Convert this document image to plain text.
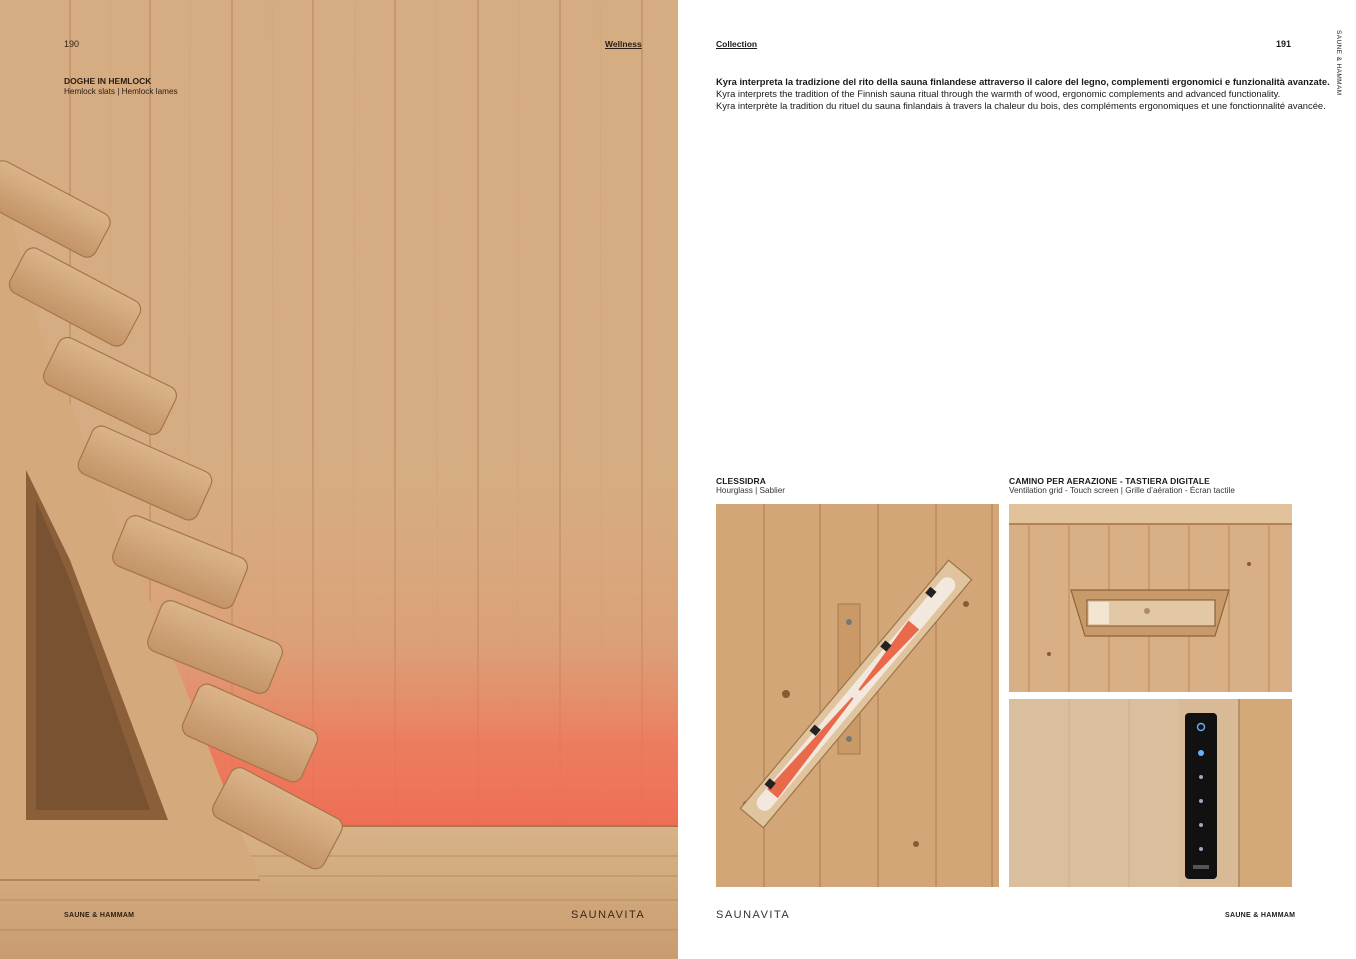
190	Wellness
DOGHE IN HEMLOCK
Hemlock slats | Hemlock lames
SAUNE & HAMMAM	SAUNAVITA
Collection	191

Kyra interpreta la tradizione del rito della sauna finlandese attraverso il calore del legno, complementi ergonomici e funzionalità avanzate.

Kyra interprets the tradition of the Finnish sauna ritual through the warmth of wood, ergonomic complements and advanced functionality.

Kyra interprète la tradition du rituel du sauna finlandais à travers la chaleur du bois, des compléments ergonomiques et une fonctionnalité avancée.

CLESSIDRA
Hourglass | Sablier
CAMINO PER AERAZIONE - TASTIERA DIGITALE
Ventilation grid - Touch screen | Grille d’aération - Écran tactile
SAUNAVITA	SAUNE & HAMMAM
SAUNE & HAMMAM
